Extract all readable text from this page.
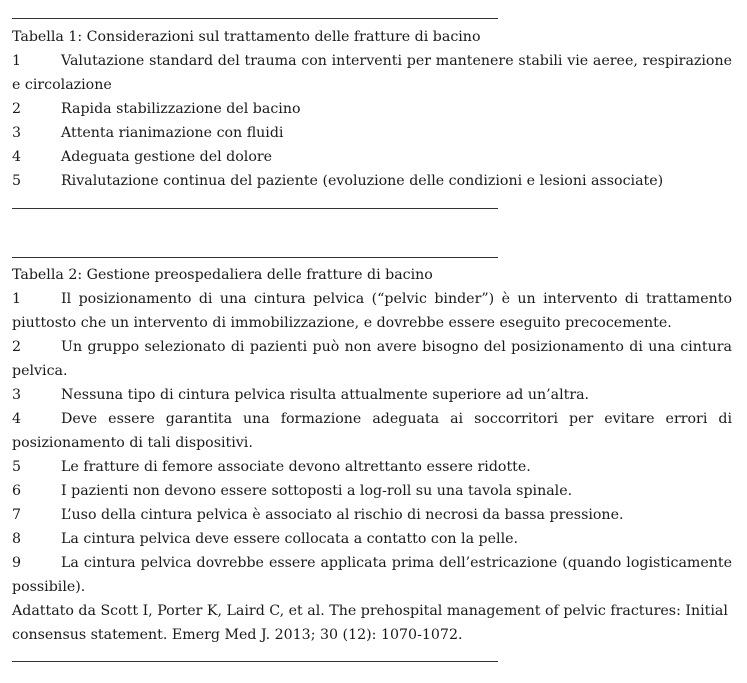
Tabella 1: Considerazioni sul trattamento delle fratture di bacino
1	Valutazione standard del trauma con interventi per mantenere stabili vie aeree, respirazione e circolazione
2	Rapida stabilizzazione del bacino
3	Attenta rianimazione con fluidi
4	Adeguata gestione del dolore
5	Rivalutazione continua del paziente (evoluzione delle condizioni e lesioni associate)
Tabella 2: Gestione preospedaliera delle fratture di bacino
1	Il posizionamento di una cintura pelvica (“pelvic binder”) è un intervento di trattamento piuttosto che un intervento di immobilizzazione, e dovrebbe essere eseguito precocemente.
2	Un gruppo selezionato di pazienti può non avere bisogno del posizionamento di una cintura pelvica.
3	Nessuna tipo di cintura pelvica risulta attualmente superiore ad un’altra.
4	Deve essere garantita una formazione adeguata ai soccorritori per evitare errori di posizionamento di tali dispositivi.
5	Le fratture di femore associate devono altrettanto essere ridotte.
6	I pazienti non devono essere sottoposti a log-roll su una tavola spinale.
7	L’uso della cintura pelvica è associato al rischio di necrosi da bassa pressione.
8	La cintura pelvica deve essere collocata a contatto con la pelle.
9	La cintura pelvica dovrebbe essere applicata prima dell’estricazione (quando logisticamente possibile).
Adattato da Scott I, Porter K, Laird C, et al. The prehospital management of pelvic fractures: Initial consensus statement. Emerg Med J. 2013; 30 (12): 1070-1072.
